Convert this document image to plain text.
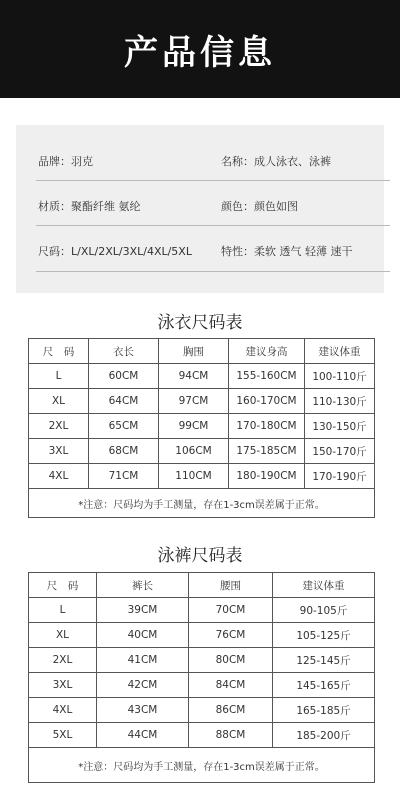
产品信息
品牌：羽克	名称：成人泳衣、泳裤
材质：聚酯纤维 氨纶	颜色：颜色如图
尺码：L/XL/2XL/3XL/4XL/5XL	特性：柔软 透气 轻薄 速干
泳衣尺码表
尺　码	衣长	胸围	建议身高	建议体重
L	60CM	94CM	155-160CM	100-110斤
XL	64CM	97CM	160-170CM	110-130斤
2XL	65CM	99CM	170-180CM	130-150斤
3XL	68CM	106CM	175-185CM	150-170斤
4XL	71CM	110CM	180-190CM	170-190斤
*注意：尺码均为手工测量，存在1-3cm误差属于正常。				
泳裤尺码表
尺　码	裤长	腰围	建议体重
L	39CM	70CM	90-105斤
XL	40CM	76CM	105-125斤
2XL	41CM	80CM	125-145斤
3XL	42CM	84CM	145-165斤
4XL	43CM	86CM	165-185斤
5XL	44CM	88CM	185-200斤
*注意：尺码均为手工测量，存在1-3cm误差属于正常。			
